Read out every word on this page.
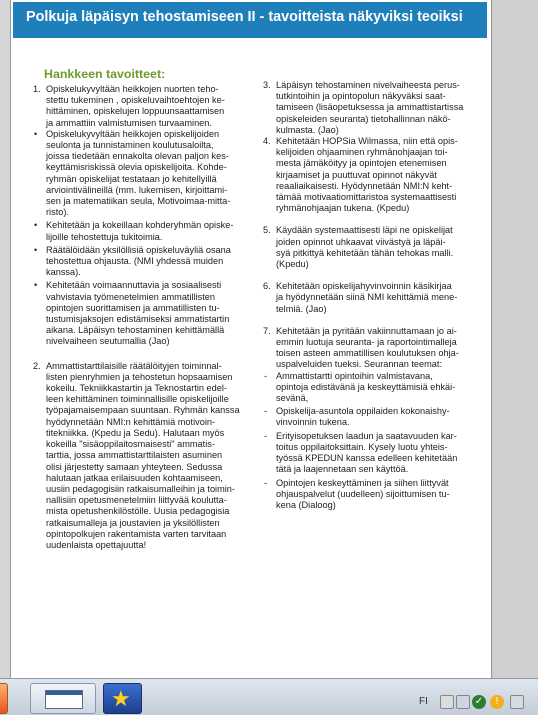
Polkuja läpäisyn tehostamiseen II - tavoitteista näkyviksi teoiksi
Hankkeen tavoitteet:
1. Opiskelukyvyltään heikkojen nuorten teho-
stettu tukeminen , opiskeluvaihtoehtojen ke-
hittäminen, opiskelujen loppuunsaattamisen
ja ammattiin valmistumisen turvaaminen.
• Opiskelukyvyltään heikkojen opiskelijoiden
seulonta ja tunnistaminen koulutusaloilta,
joissa tiedetään ennakolta olevan paljon kes-
keyttämisriskissä olevia opiskelijoita. Kohde-
ryhmän opiskelijat testataan jo kehitellyillä
arviointivälineillä (mm. lukemisen, kirjoittami-
sen ja matematiikan seula, Motivoimaa-mitta-
risto).
• Kehitetään ja kokeillaan kohderyhmän opiske-
lijoille tehostettuja tukitoimia.
• Räätälöidään yksilöllisiä opiskeluväyliä osana
tehostettua ohjausta. (NMI yhdessä muiden
kanssa).
• Kehitetään voimaannuttavia ja sosiaalisesti
vahvistavia työmenetelmien ammatillisten
opintojen suorittamisen ja ammatillisten tu-
tustumisjaksojen edistämiseksi ammatistartin
aikana. Läpäisyn tehostaminen kehittämällä
nivelvaiheen seutumallia (Jao)
2. Ammattistarttilaisille räätälöityjen toiminnal-
listen pienryhmien ja tehostetun hopsaamisen
kokeilu. Tekniikkastartin ja Teknostartin edel-
leen kehittäminen toiminnallisille opiskelijoille
työpajamaisempaan suuntaan. Ryhmän kanssa
hyödynnetään NMI:n kehittämiä motivoin-
titekniikka. (Kpedu ja Sedu). Halutaan myös
kokeilla "sisäoppilaitosmaisesti" ammatis-
tarttia, jossa ammattistarttilaisten asuminen
olisi järjestetty samaan yhteyteen. Sedussa
halutaan jatkaa erilaisuuden kohtaamiseen,
uusiin pedagogisiin ratkaisumalleihin ja toimin-
nallisiin opetusmenetelmiin liittyvää koulutta-
mista opetushenkilöstölle. Uusia pedagogisia
ratkaisumalleja ja joustavien ja yksilöllisten
opintopolkujen rakentamista varten tarvitaan
uudenlaista opettajuutta!
3. Läpäisyn tehostaminen nivelvaiheesta perus-
tutkintoihin ja opintopolun näkyväksi saat-
tamiseen (lisäopetuksessa ja ammattistartissa
opiskeleiden seuranta) tietohallinnan näkö-
kulmasta. (Jao)
4. Kehitetään HOPSia Wilmassa, niin että opis-
kelijoiden ohjaaminen ryhmänohjaajan toi-
mesta jämäköityy ja opintojen etenemisen
kirjaamiset ja puuttuvat opinnot näkyvät
reaaliaikaisesti. Hyödynnetään NMI:N keht-
tämää motivaatiomittaristoa systemaattisesti
ryhmänohjaajan tukena. (Kpedu)
5. Käydään systemaattisesti läpi ne opiskelijat
joiden opinnot uhkaavat viivästyä ja läpäi-
syä pitkittyä kehitetään tähän tehokas malli.
(Kpedu)
6. Kehitetään opiskelijahyvinvoinnin käsikirjaa
ja hyödynnetään siinä NMI kehittämiä mene-
telmiä. (Jao)
7. Kehitetään ja pyritään vakiinnuttamaan jo ai-
emmin luotuja seuranta- ja raportointimalleja
toisen asteen ammatillisen koulutuksen ohja-
uspalveluiden tueksi. Seurannan teemat:
- Ammattistartti opintoihin valmistavana,
opintoja edistävänä ja keskeyttämisiä ehkäi-
sevänä,
- Opiskelija-asuntola oppilaiden kokonaishy-
vinvoinnin tukena.
- Erityisopetuksen laadun ja saatavuuden kar-
toitus oppilaitoksittain. Kysely luotu yhteis-
työssä KPEDUN kanssa edelleen kehitetään
tätä ja laajennetaan sen käyttöä.
- Opintojen keskeyttäminen ja siihen liittyvät
ohjauspalvelut (uudelleen) sijoittumisen tu-
kena (Dialoog)
★	FI	✓	!
